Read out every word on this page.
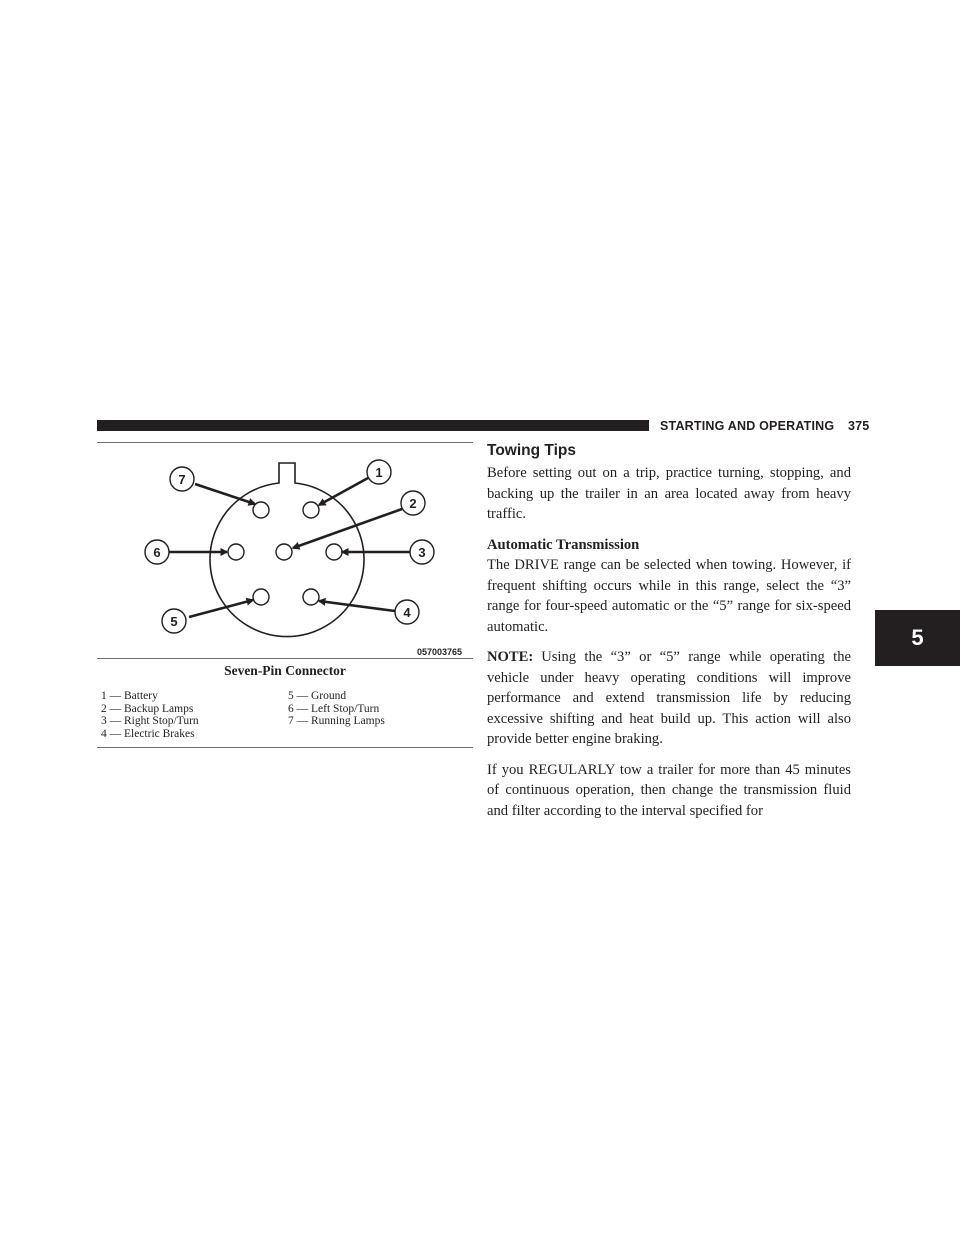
STARTING AND OPERATING 375
7	1
2
6	3
5
4
057003765
Seven-Pin Connector
1 — Battery
2 — Backup Lamps
3 — Right Stop/Turn
4 — Electric Brakes
5 — Ground
6 — Left Stop/Turn
7 — Running Lamps
Towing Tips

Before setting out on a trip, practice turning, stopping, and backing up the trailer in an area located away from heavy traffic.

Automatic Transmission

The DRIVE range can be selected when towing. However, if frequent shifting occurs while in this range, select the “3” range for four-speed automatic or the “5” range for six-speed automatic.

NOTE: Using the “3” or “5” range while operating the vehicle under heavy operating conditions will improve performance and extend transmission life by reducing excessive shifting and heat build up. This action will also provide better engine braking.

If you REGULARLY tow a trailer for more than 45 minutes of continuous operation, then change the transmission fluid and filter according to the interval specified for

5
